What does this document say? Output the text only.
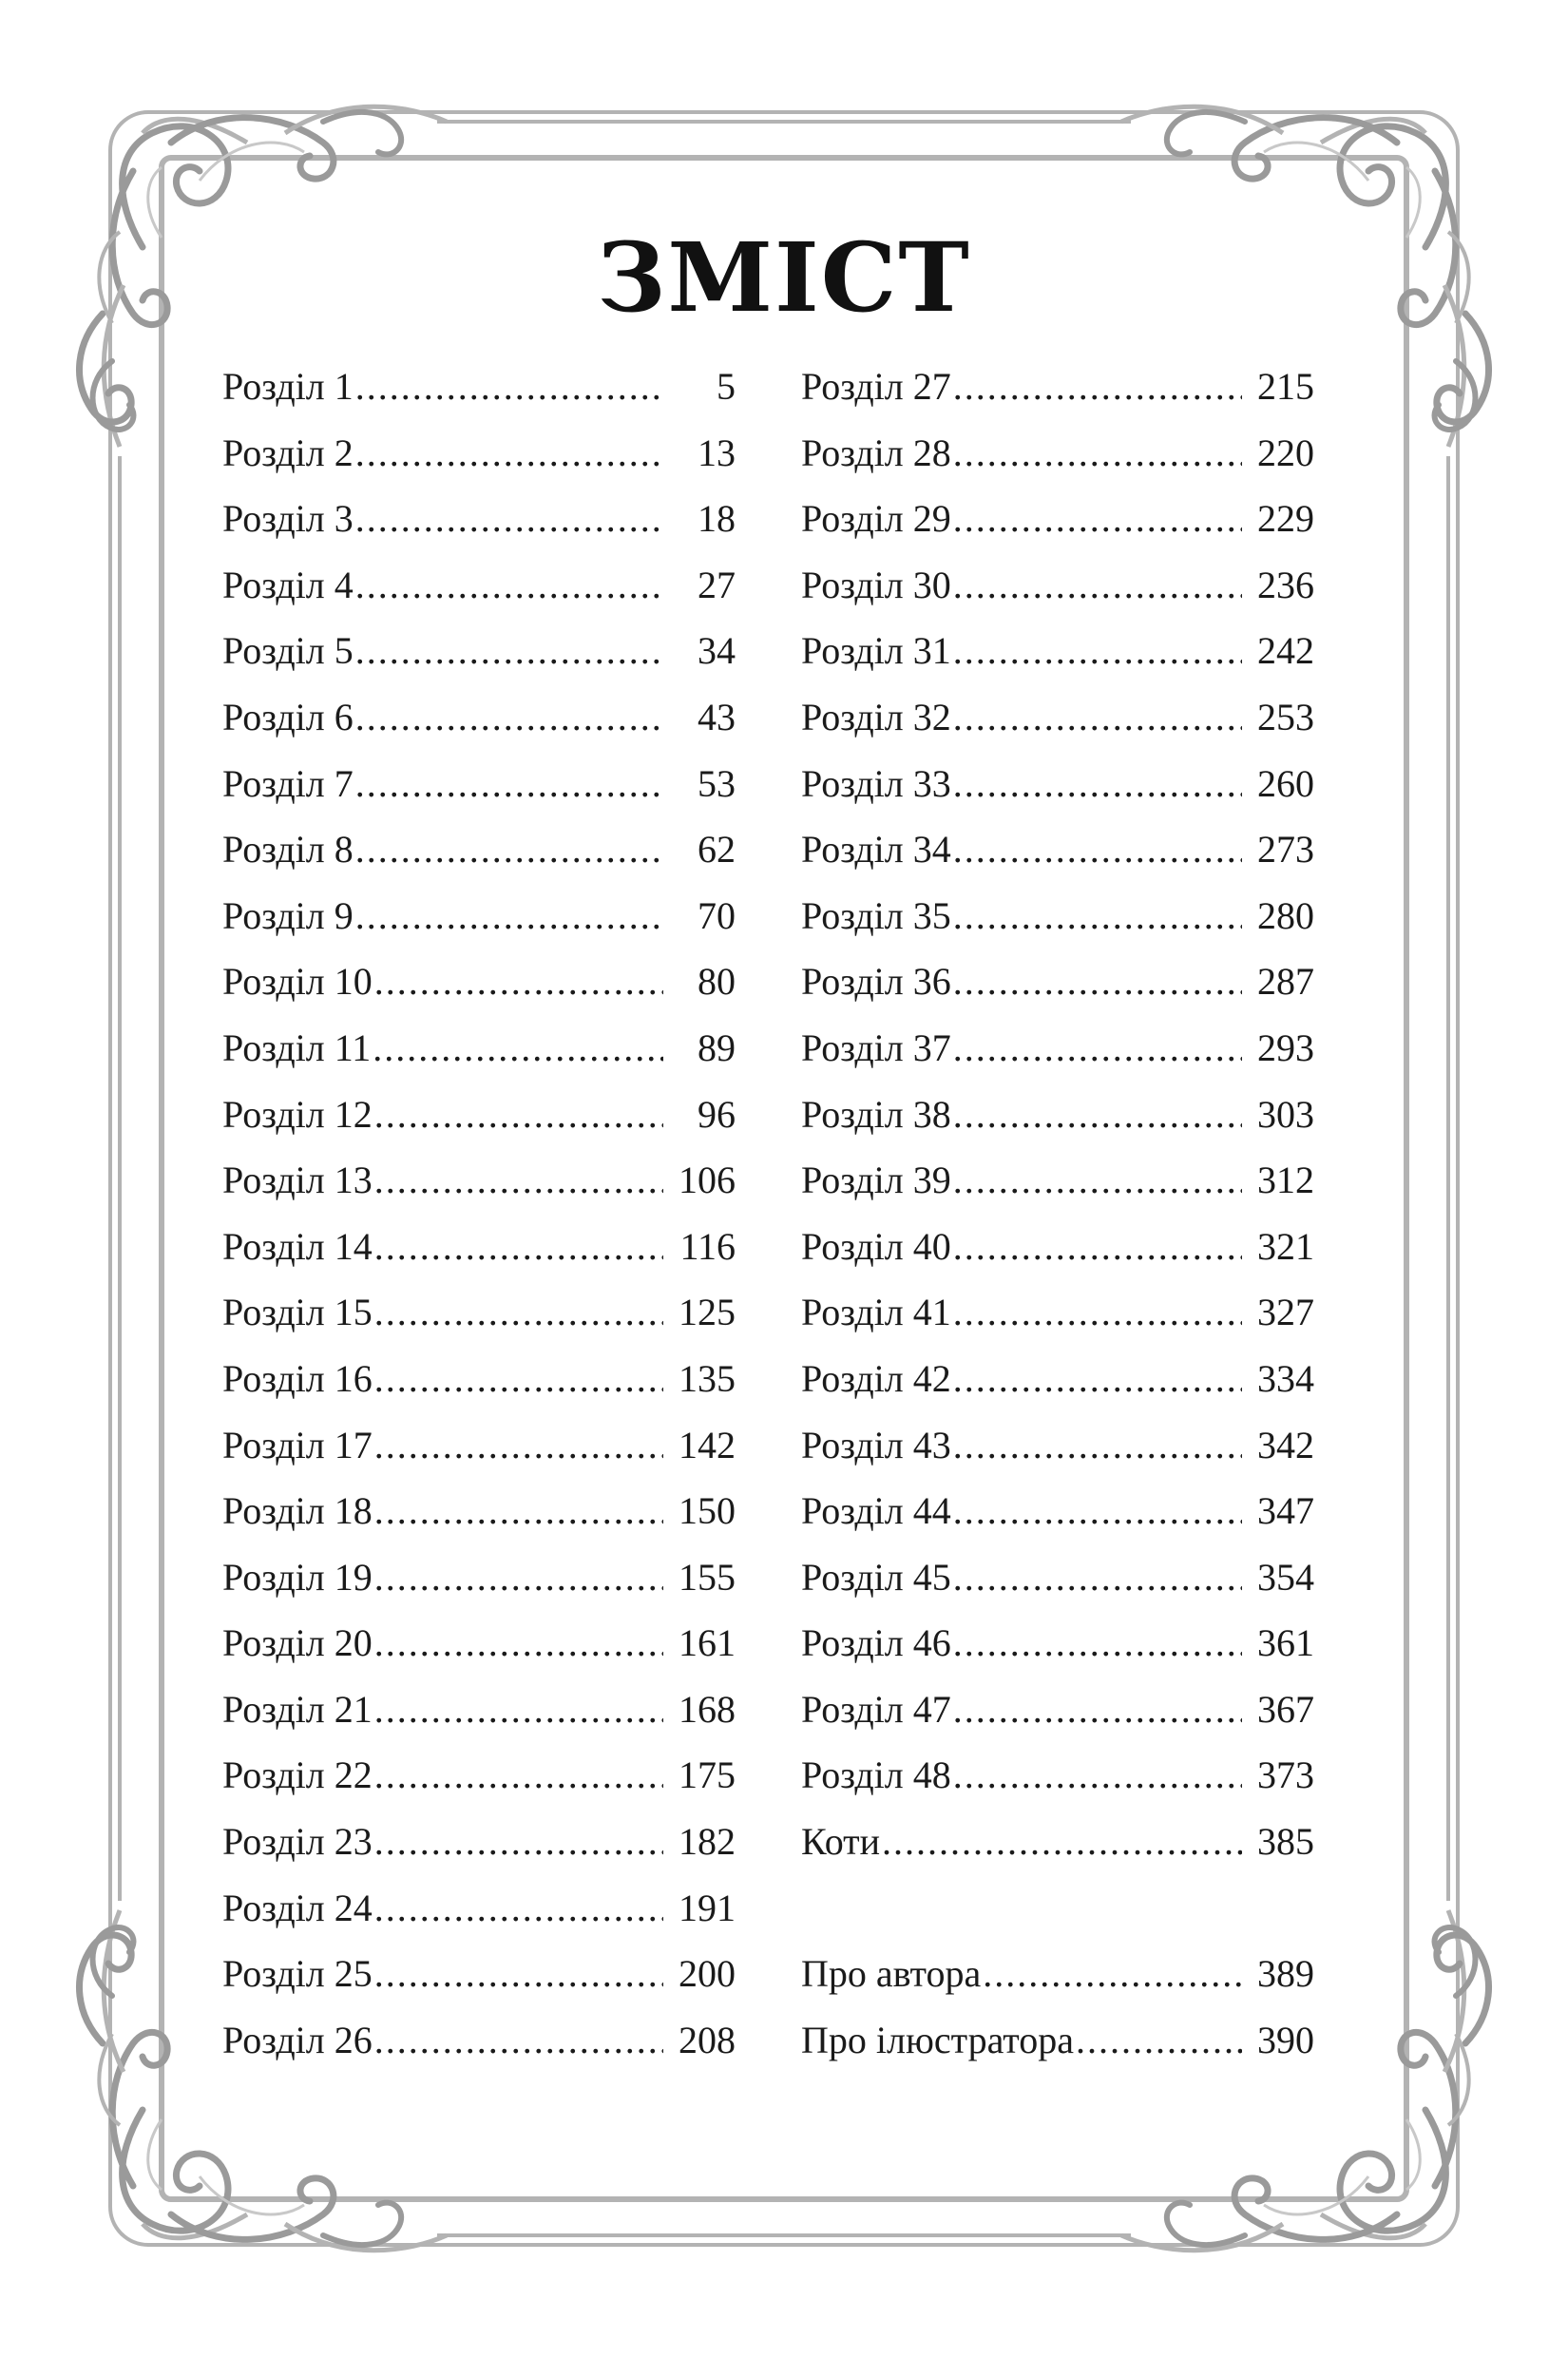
ЗМІСТ
Розділ 1 .....	5
Розділ 2 .....	13
Розділ 3 .....	18
Розділ 4 .....	27
Розділ 5 .....	34
Розділ 6 .....	43
Розділ 7 .....	53
Розділ 8 .....	62
Розділ 9 .....	70
Розділ 10 .....	80
Розділ 11 .....	89
Розділ 12 .....	96
Розділ 13 .....	106
Розділ 14 .....	116
Розділ 15 .....	125
Розділ 16 .....	135
Розділ 17 .....	142
Розділ 18 .....	150
Розділ 19 .....	155
Розділ 20 .....	161
Розділ 21 .....	168
Розділ 22 .....	175
Розділ 23 .....	182
Розділ 24 .....	191
Розділ 25 .....	200
Розділ 26 .....	208
Розділ 27 .....	215
Розділ 28 .....	220
Розділ 29 .....	229
Розділ 30 .....	236
Розділ 31 .....	242
Розділ 32 .....	253
Розділ 33 .....	260
Розділ 34 .....	273
Розділ 35 .....	280
Розділ 36 .....	287
Розділ 37 .....	293
Розділ 38 .....	303
Розділ 39 .....	312
Розділ 40 .....	321
Розділ 41 .....	327
Розділ 42 .....	334
Розділ 43 .....	342
Розділ 44 .....	347
Розділ 45 .....	354
Розділ 46 .....	361
Розділ 47 .....	367
Розділ 48 .....	373
Коти .....	385
Про автора .....	389
Про ілюстратора .....	390
